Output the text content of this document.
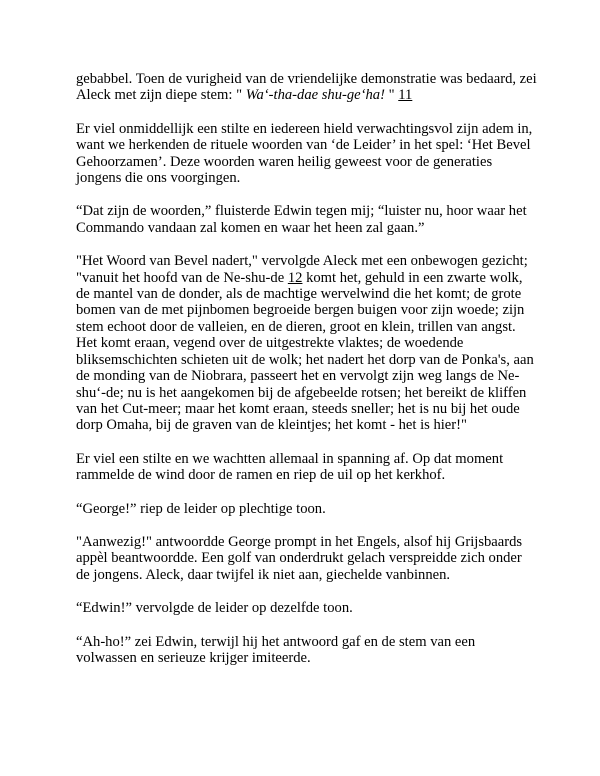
gebabbel. Toen de vurigheid van de vriendelijke demonstratie was bedaard, zei Aleck met zijn diepe stem: " Wa‘-tha-dae shu-ge‘ha! " 11

Er viel onmiddellijk een stilte en iedereen hield verwachtingsvol zijn adem in, want we herkenden de rituele woorden van ‘de Leider’ in het spel: ‘Het Bevel Gehoorzamen’. Deze woorden waren heilig geweest voor de generaties jongens die ons voorgingen.

“Dat zijn de woorden,” fluisterde Edwin tegen mij; “luister nu, hoor waar het Commando vandaan zal komen en waar het heen zal gaan.”

"Het Woord van Bevel nadert," vervolgde Aleck met een onbewogen gezicht; "vanuit het hoofd van de Ne-shu-de 12 komt het, gehuld in een zwarte wolk, de mantel van de donder, als de machtige wervelwind die het komt; de grote bomen van de met pijnbomen begroeide bergen buigen voor zijn woede; zijn stem echoot door de valleien, en de dieren, groot en klein, trillen van angst. Het komt eraan, vegend over de uitgestrekte vlaktes; de woedende bliksemschichten schieten uit de wolk; het nadert het dorp van de Ponka's, aan de monding van de Niobrara, passeert het en vervolgt zijn weg langs de Ne-shu‘-de; nu is het aangekomen bij de afgebeelde rotsen; het bereikt de kliffen van het Cut-meer; maar het komt eraan, steeds sneller; het is nu bij het oude dorp Omaha, bij de graven van de kleintjes; het komt - het is hier!"

Er viel een stilte en we wachtten allemaal in spanning af. Op dat moment rammelde de wind door de ramen en riep de uil op het kerkhof.

“George!” riep de leider op plechtige toon.

"Aanwezig!" antwoordde George prompt in het Engels, alsof hij Grijsbaards appèl beantwoordde. Een golf van onderdrukt gelach verspreidde zich onder de jongens. Aleck, daar twijfel ik niet aan, giechelde vanbinnen.

“Edwin!” vervolgde de leider op dezelfde toon.

“Ah-ho!” zei Edwin, terwijl hij het antwoord gaf en de stem van een volwassen en serieuze krijger imiteerde.
